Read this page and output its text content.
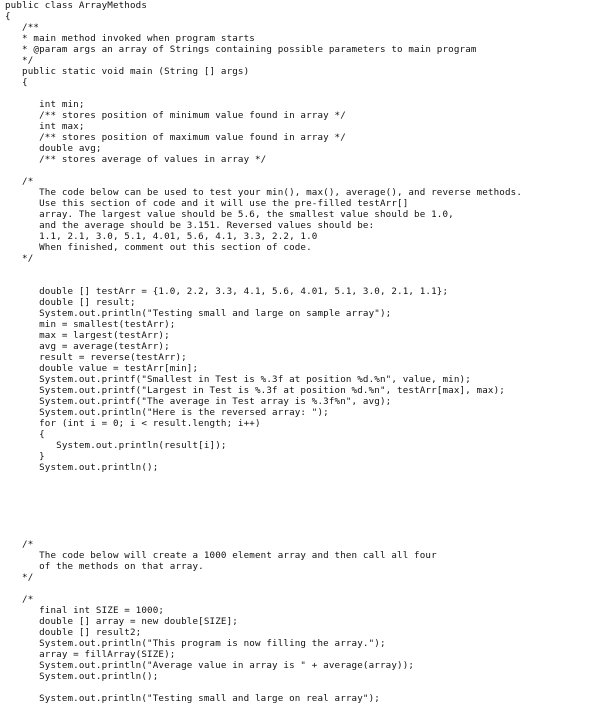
public class ArrayMethods
{
/**
* main method invoked when program starts
* @param args an array of Strings containing possible parameters to main program
*/
public static void main (String [] args)
{
int min;
/** stores position of minimum value found in array */
int max;
/** stores position of maximum value found in array */
double avg;
/** stores average of values in array */
/*
The code below can be used to test your min(), max(), average(), and reverse methods.
Use this section of code and it will use the pre-filled testArr[]
array. The largest value should be 5.6, the smallest value should be 1.0,
and the average should be 3.151. Reversed values should be:
1.1, 2.1, 3.0, 5.1, 4.01, 5.6, 4.1, 3.3, 2.2, 1.0
When finished, comment out this section of code.
*/
double [] testArr = {1.0, 2.2, 3.3, 4.1, 5.6, 4.01, 5.1, 3.0, 2.1, 1.1};
double [] result;
System.out.println("Testing small and large on sample array");
min = smallest(testArr);
max = largest(testArr);
avg = average(testArr);
result = reverse(testArr);
double value = testArr[min];
System.out.printf("Smallest in Test is %.3f at position %d.%n", value, min);
System.out.printf("Largest in Test is %.3f at position %d.%n", testArr[max], max);
System.out.printf("The average in Test array is %.3f%n", avg);
System.out.println("Here is the reversed array: ");
for (int i = 0; i < result.length; i++)
{
System.out.println(result[i]);
}
System.out.println();
/*
The code below will create a 1000 element array and then call all four
of the methods on that array.
*/
/*
final int SIZE = 1000;
double [] array = new double[SIZE];
double [] result2;
System.out.println("This program is now filling the array.");
array = fillArray(SIZE);
System.out.println("Average value in array is " + average(array));
System.out.println();
System.out.println("Testing small and large on real array");
